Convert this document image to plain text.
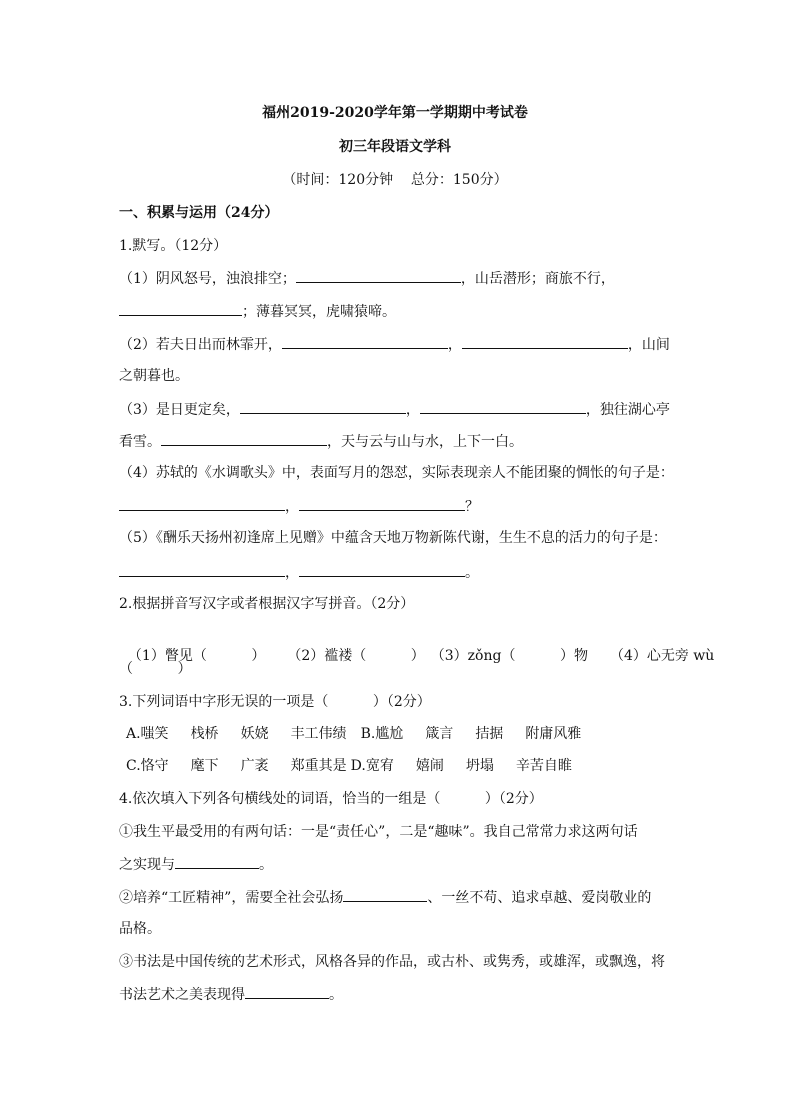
福州2019-2020学年第一学期期中考试卷
初三年段语文学科
（时间：120分钟    总分：150分）
一、积累与运用（24分）
1.默写。（12分）
（1）阴风怒号，浊浪排空；	，山岳潜形；商旅不行，
；薄暮冥冥，虎啸猿啼。
（2）若夫日出而林霏开，	，	，山间
之朝暮也。
（3）是日更定矣，	，	，独往湖心亭
看雪。	，天与云与山与水，上下一白。
（4）苏轼的《水调歌头》中，表面写月的怨怼，实际表现亲人不能团聚的惆怅的句子是：
，	？
（5）《酬乐天扬州初逢席上见赠》中蕴含天地万物新陈代谢，生生不息的活力的句子是：
，	。
2.根据拼音写汉字或者根据汉字写拼音。（2分）

（1）瞥见（          ） （2）褴褛（          ） （3）zǒng（          ）物 （4）心无旁 wù

（          ）
3.下列词语中字形无误的一项是（          ）（2分）
A.嗤笑 栈桥 妖娆 丰工伟绩 B.尴尬 箴言 拮据 附庸风雅
C.恪守 麾下 广袤 郑重其是 D.宽宥 嬉闹 坍塌 辛苦自睢
4.依次填入下列各句横线处的词语，恰当的一组是（          ）（2分）
①我生平最受用的有两句话：一是“责任心”，二是“趣味”。我自己常常力求这两句话
之实现与	。
②培养“工匠精神”，需要全社会弘扬	、一丝不苟、追求卓越、爱岗敬业的
品格。
③书法是中国传统的艺术形式，风格各异的作品，或古朴、或隽秀，或雄浑，或飘逸，将
书法艺术之美表现得	。
